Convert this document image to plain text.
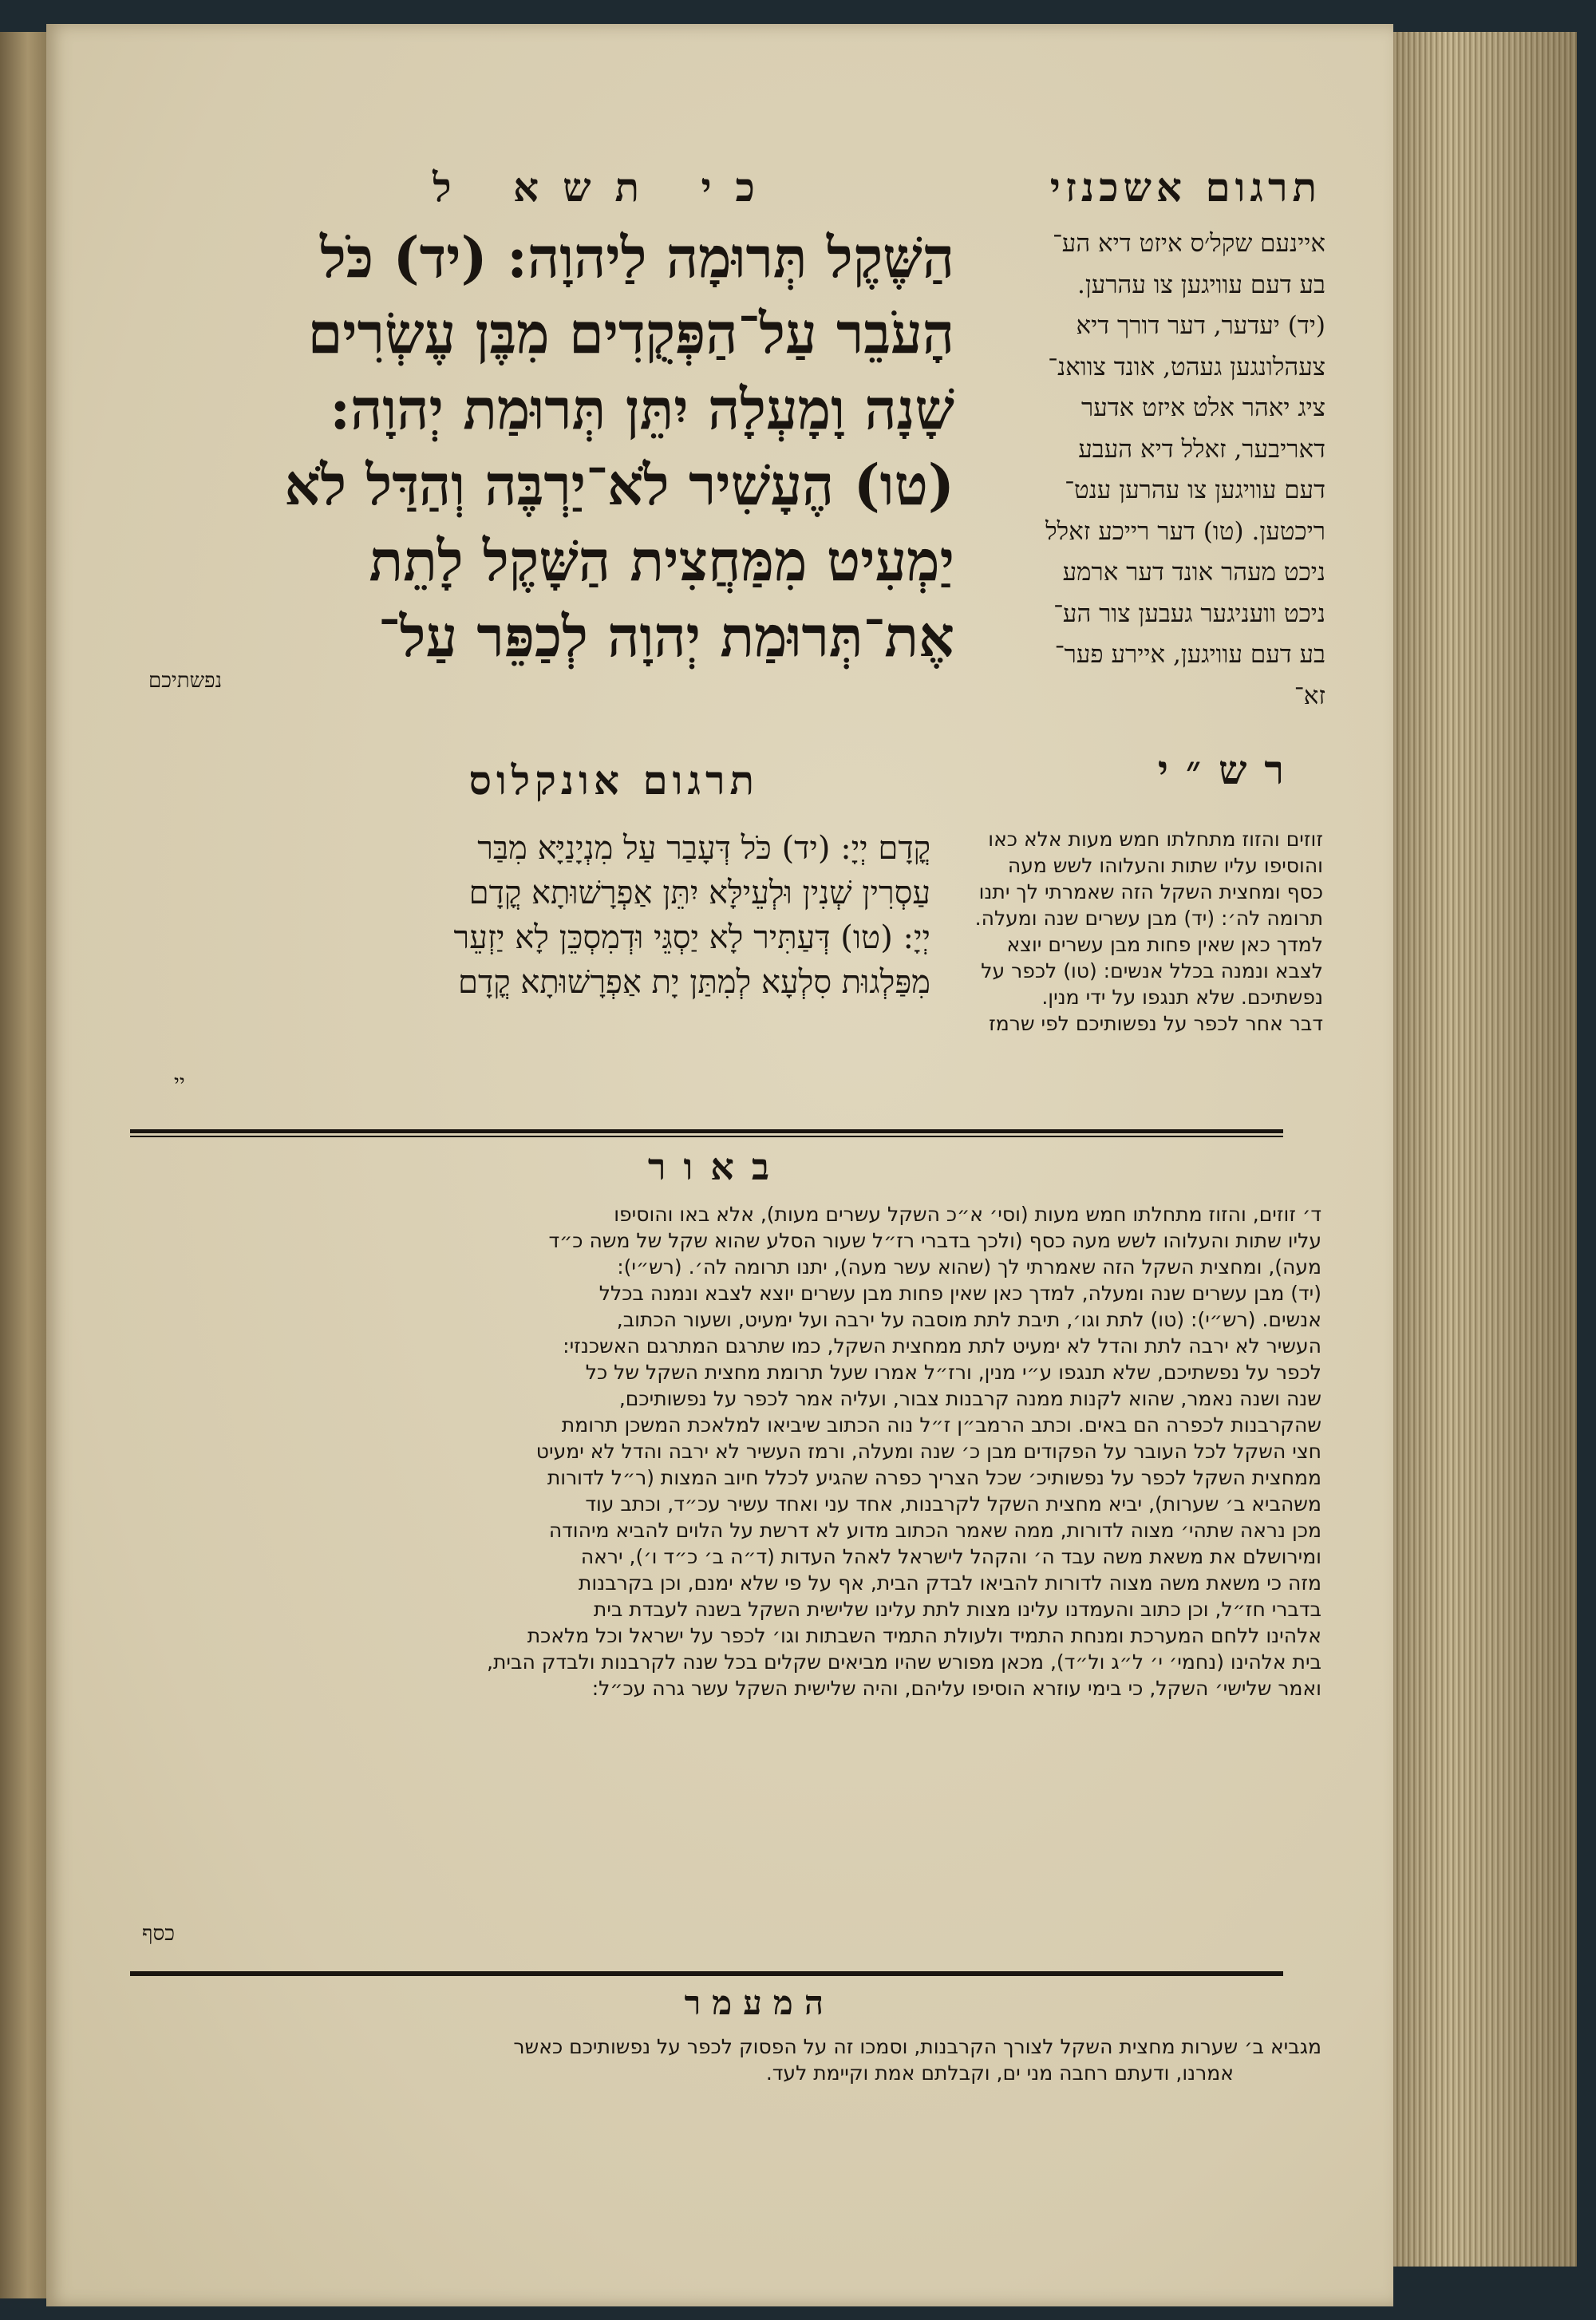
תרגום אשכנזי
כי תשא ל

איינעם שקל׳ס איזט דיא הע־

בע דעם עוויגען צו עהרען.

(יד) יעדער, דער דורך דיא

צעהלונגען געהט, אונד צוואנ־

ציג יאהר אלט איזט אדער

דאריבער, זאלל דיא העבע

דעם עוויגען צו עהרען ענט־

ריכטען. (טו) דער רייכע זאלל

ניכט מעהר אונד דער ארמע

ניכט וועניגער געבען צור הע־

בע דעם עוויגען, איירע פער־

זא־

הַשֶּׁקֶל תְּרוּמָה לַיהוָה: (יד) כֹּל

הָעֹבֵר עַל־הַפְּקֻדִים מִבֶּן עֶשְׂרִים

שָׁנָה וָמָעְלָה יִתֵּן תְּרוּמַת יְהוָה:

(טו) הֶעָשִׁיר לֹא־יַרְבֶּה וְהַדַּל לֹא

יַמְעִיט מִמַּחֲצִית הַשָּׁקֶל לָתֵת

אֶת־תְּרוּמַת יְהוָה לְכַפֵּר עַל־

נפשתיכם
רש״י
תרגום אונקלוס

קֳדָם יְיָ: (יד) כֹּל דְּעָבַר עַל מִנְיָנַיָּא מִבַּר

עַסְרִין שְׁנִין וּלְעֵילָּא יִתֵּן אַפְרָשׁוּתָא קֳדָם

יְיָ: (טו) דְּעַתִּיר לָא יַסְגֵּי וּדְמִסְכֵּן לָא יַזְעֵר

מִפַּלְגוּת סִלְעָא לְמִתַּן יָת אַפְרָשׁוּתָא קֳדָם

יי

זוזים והזוז מתחלתו חמש מעות אלא כאו

והוסיפו עליו שתות והעלוהו לשש מעה

כסף ומחצית השקל הזה שאמרתי לך יתנו

תרומה לה׳: (יד) מבן עשרים שנה ומעלה.

למדך כאן שאין פחות מבן עשרים יוצא

לצבא ונמנה בכלל אנשים: (טו) לכפר על

נפשתיכם. שלא תנגפו על ידי מנין.

דבר אחר לכפר על נפשותיכם לפי שרמז

באור

ד׳ זוזים, והזוז מתחלתו חמש מעות (וסי׳ א״כ השקל עשרים מעות), אלא באו והוסיפו

עליו שתות והעלוהו לשש מעה כסף (ולכך בדברי רז״ל שעור הסלע שהוא שקל של משה כ״ד

מעה), ומחצית השקל הזה שאמרתי לך (שהוא עשר מעה), יתנו תרומה לה׳. (רש״י):

(יד) מבן עשרים שנה ומעלה, למדך כאן שאין פחות מבן עשרים יוצא לצבא ונמנה בכלל

אנשים. (רש״י): (טו) לתת וגו׳, תיבת לתת מוסבה על ירבה ועל ימעיט, ושעור הכתוב,

העשיר לא ירבה לתת והדל לא ימעיט לתת ממחצית השקל, כמו שתרגם המתרגם האשכנזי:

לכפר על נפשתיכם, שלא תנגפו ע״י מנין, ורז״ל אמרו שעל תרומת מחצית השקל של כל

שנה ושנה נאמר, שהוא לקנות ממנה קרבנות צבור, ועליה אמר לכפר על נפשותיכם,

שהקרבנות לכפרה הם באים. וכתב הרמב״ן ז״ל נוה הכתוב שיביאו למלאכת המשכן תרומת

חצי השקל לכל העובר על הפקודים מבן כ׳ שנה ומעלה, ורמז העשיר לא ירבה והדל לא ימעיט

ממחצית השקל לכפר על נפשותיכ׳ שכל הצריך כפרה שהגיע לכלל חיוב המצות (ר״ל לדורות

משהביא ב׳ שערות), יביא מחצית השקל לקרבנות, אחד עני ואחד עשיר עכ״ד, וכתב עוד

מכן נראה שתהי׳ מצוה לדורות, ממה שאמר הכתוב מדוע לא דרשת על הלוים להביא מיהודה

ומירושלם את משאת משה עבד ה׳ והקהל לישראל לאהל העדות (ד״ה ב׳ כ״ד ו׳), יראה

מזה כי משאת משה מצוה לדורות להביאו לבדק הבית, אף על פי שלא ימנם, וכן בקרבנות

בדברי חז״ל, וכן כתוב והעמדנו עלינו מצות לתת עלינו שלישית השקל בשנה לעבדת בית

אלהינו ללחם המערכת ומנחת התמיד ולעולת התמיד השבתות וגו׳ לכפר על ישראל וכל מלאכת

בית אלהינו (נחמי׳ י׳ ל״ג ול״ד), מכאן מפורש שהיו מביאים שקלים בכל שנה לקרבנות ולבדק הבית,

ואמר שלישי׳ השקל, כי בימי עוזרא הוסיפו עליהם, והיה שלישית השקל עשר גרה עכ״ל:

כסף
המעמר

מגביא ב׳ שערות מחצית השקל לצורך הקרבנות, וסמכו זה על הפסוק לכפר על נפשותיכם כאשר

אמרנו, ודעתם רחבה מני ים, וקבלתם אמת וקיימת לעד.
